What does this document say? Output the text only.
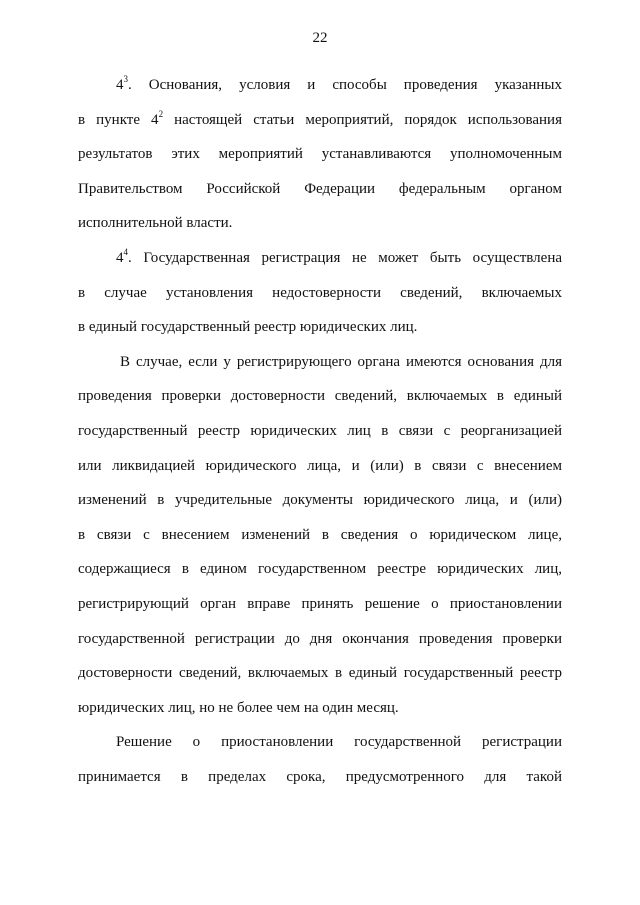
22
$4^3$. Основания, условия и способы проведения указанных
в пункте $4^2$ настоящей статьи мероприятий, порядок использования
результатов этих мероприятий устанавливаются уполномоченным
Правительством Российской Федерации федеральным органом
исполнительной власти.
$4^4$. Государственная регистрация не может быть осуществлена
в случае установления недостоверности сведений, включаемых
в единый государственный реестр юридических лиц.
В случае, если у регистрирующего органа имеются основания для
проведения проверки достоверности сведений, включаемых в единый
государственный реестр юридических лиц в связи с реорганизацией
или ликвидацией юридического лица, и (или) в связи с внесением
изменений в учредительные документы юридического лица, и (или)
в связи с внесением изменений в сведения о юридическом лице,
содержащиеся в едином государственном реестре юридических лиц,
регистрирующий орган вправе принять решение о приостановлении
государственной регистрации до дня окончания проведения проверки
достоверности сведений, включаемых в единый государственный реестр
юридических лиц, но не более чем на один месяц.
Решение о приостановлении государственной регистрации
принимается в пределах срока, предусмотренного для такой
